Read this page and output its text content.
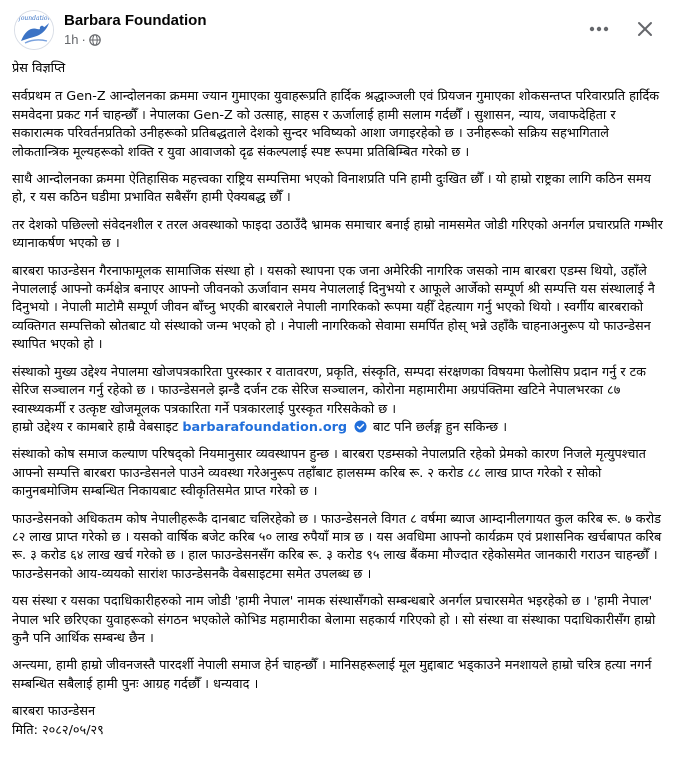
foundation Barbara Foundation
1h ·

प्रेस विज्ञप्ति

सर्वप्रथम त Gen-Z आन्दोलनका क्रममा ज्यान गुमाएका युवाहरूप्रति हार्दिक श्रद्धाञ्जली एवं प्रियजन गुमाएका शोकसन्तप्त परिवारप्रति हार्दिक समवेदना प्रकट गर्न चाहन्छौँ । नेपालका Gen-Z को उत्साह, साहस र ऊर्जालाई हामी सलाम गर्दछौँ । सुशासन, न्याय, जवाफदेहिता र सकारात्मक परिवर्तनप्रतिको उनीहरूको प्रतिबद्धताले देशको सुन्दर भविष्यको आशा जगाइरहेको छ । उनीहरूको सक्रिय सहभागिताले लोकतान्त्रिक मूल्यहरूको शक्ति र युवा आवाजको दृढ संकल्पलाई स्पष्ट रूपमा प्रतिबिम्बित गरेको छ ।

साथै आन्दोलनका क्रममा ऐतिहासिक महत्त्वका राष्ट्रिय सम्पत्तिमा भएको विनाशप्रति पनि हामी दुःखित छौँ । यो हाम्रो राष्ट्रका लागि कठिन समय हो, र यस कठिन घडीमा प्रभावित सबैसँग हामी ऐक्यबद्ध छौँ ।

तर देशको पछिल्लो संवेदनशील र तरल अवस्थाको फाइदा उठाउँदै भ्रामक समाचार बनाई हाम्रो नामसमेत जोडी गरिएको अनर्गल प्रचारप्रति गम्भीर ध्यानाकर्षण भएको छ ।

बारबरा फाउन्डेसन गैरनाफामूलक सामाजिक संस्था हो । यसको स्थापना एक जना अमेरिकी नागरिक जसको नाम बारबरा एडम्स थियो, उहाँले नेपाललाई आफ्नो कर्मक्षेत्र बनाएर आफ्नो जीवनको ऊर्जावान समय नेपाललाई दिनुभयो र आफूले आर्जेको सम्पूर्ण श्री सम्पत्ति यस संस्थालाई नै दिनुभयो । नेपाली माटोमै सम्पूर्ण जीवन बाँच्नु भएकी बारबराले नेपाली नागरिकको रूपमा यहीँ देहत्याग गर्नु भएको थियो । स्वर्गीय बारबराको व्यक्तिगत सम्पत्तिको स्रोतबाट यो संस्थाको जन्म भएको हो । नेपाली नागरिकको सेवामा समर्पित होस् भन्ने उहाँकै चाहनाअनुरूप यो फाउन्डेसन स्थापित भएको हो ।

संस्थाको मुख्य उद्देश्य नेपालमा खोजपत्रकारिता पुरस्कार र वातावरण, प्रकृति, संस्कृति, सम्पदा संरक्षणका विषयमा फेलोसिप प्रदान गर्नु र टक सेरिज सञ्चालन गर्नु रहेको छ । फाउन्डेसनले झन्डै दर्जन टक सेरिज सञ्चालन, कोरोना महामारीमा अग्रपंक्तिमा खटिने नेपालभरका ८७ स्वास्थ्यकर्मी र उत्कृष्ट खोजमूलक पत्रकारिता गर्ने पत्रकारलाई पुरस्कृत गरिसकेको छ ।

हाम्रो उद्देश्य र कामबारे हाम्रै वेबसाइट barbarafoundation.org बाट पनि छर्लङ्ग हुन सकिन्छ ।

संस्थाको कोष समाज कल्याण परिषद्को नियमानुसार व्यवस्थापन हुन्छ । बारबरा एडम्सको नेपालप्रति रहेको प्रेमको कारण निजले मृत्युपश्चात आफ्नो सम्पत्ति बारबरा फाउन्डेसनले पाउने व्यवस्था गरेअनुरूप तहाँबाट हालसम्म करिब रू. २ करोड ८८ लाख प्राप्त गरेको र सोको कानुनबमोजिम सम्बन्धित निकायबाट स्वीकृतिसमेत प्राप्त गरेको छ ।

फाउन्डेसनको अधिकतम कोष नेपालीहरूकै दानबाट चलिरहेको छ । फाउन्डेसनले विगत ८ वर्षमा ब्याज आम्दानीलगायत कुल करिब रू. ७ करोड ८२ लाख प्राप्त गरेको छ । यसको वार्षिक बजेट करिब ५० लाख रुपैयाँ मात्र छ । यस अवधिमा आफ्नो कार्यक्रम एवं प्रशासनिक खर्चबापत करिब रू. ३ करोड ६४ लाख खर्च गरेको छ । हाल फाउन्डेसनसँग करिब रू. ३ करोड ९५ लाख बैंकमा मौज्दात रहेकोसमेत जानकारी गराउन चाहन्छौँ । फाउन्डेसनको आय-व्ययको सारांश फाउन्डेसनकै वेबसाइटमा समेत उपलब्ध छ ।

यस संस्था र यसका पदाधिकारीहरुको नाम जोडी 'हामी नेपाल' नामक संस्थासँगको सम्बन्धबारे अनर्गल प्रचारसमेत भइरहेको छ । 'हामी नेपाल' नेपाल भरि छरिएका युवाहरूको संगठन भएकोले कोभिड महामारीका बेलामा सहकार्य गरिएको हो । सो संस्था वा संस्थाका पदाधिकारीसँग हाम्रो कुनै पनि आर्थिक सम्बन्ध छैन ।

अन्त्यमा, हामी हाम्रो जीवनजस्तै पारदर्शी नेपाली समाज हेर्न चाहन्छौँ । मानिसहरूलाई मूल मुद्दाबाट भड्काउने मनशायले हाम्रो चरित्र हत्या नगर्न सम्बन्धित सबैलाई हामी पुनः आग्रह गर्दछौँ । धन्यवाद ।

बारबरा फाउन्डेसन

मिति: २०८२/०५/२९
